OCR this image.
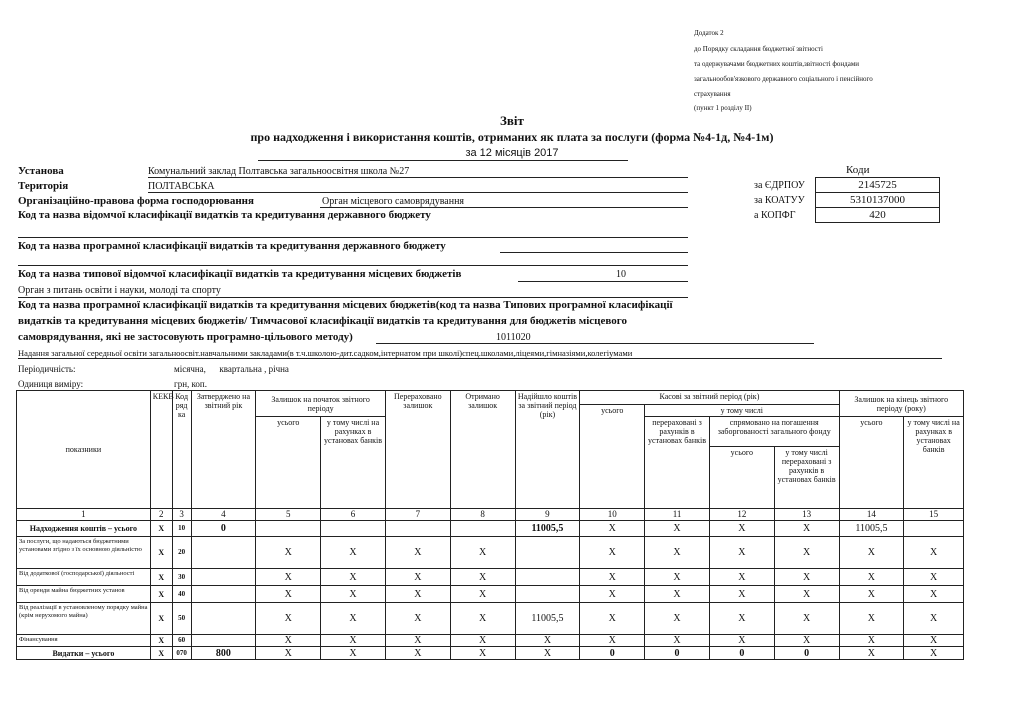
Додаток 2
до Порядку складання бюджетної звітності
та одержувачами бюджетних коштів,звітності фондами
загальнообов'язкового державного соціального і пенсійного
страхування
(пункт 1 розділу II)
Звіт
про надходження і використання коштів, отриманих як плата за послуги (форма №4-1д, №4-1м)
за 12 місяців 2017
Коди
Установа	Комунальний заклад Полтавська загальноосвітня школа №27
Територія	ПОЛТАВСЬКА
Організаційно-правова форма господорювання	Орган місцевого самоврядування
Код та назва відомчої класифікації видатків та кредитування державного бюджету
за ЄДРПОУ	2145725
за КОАТУУ	5310137000
а КОПФГ	420
Код та назва програмної класифікації видатків та кредитування державного бюджету
Код та назва типової відомчої класифікації видатків та кредитування місцевих бюджетів	10
Орган з питань освіти і науки, молоді та спорту
Код та назва програмної класифікації видатків та кредитування місцевих бюджетів(код та назва Типових програмної класифікації
видатків та кредитування місцевих бюджетів/ Тимчасової класифікації видатків та кредитування для бюджетів місцевого
самоврядування, які не застосовують програмно-цільового методу)	1011020
Надання загальної середньої освіти загальноосвіт.навчальними закладами(в т.ч.школою-дит.садком,інтернатом при школі)спец.школами,ліцеями,гімназіями,колегіумами
Періодичність:	місячна,      квартальна , річна
Одиниця виміру:	грн, коп.
показники	КЕКВ	Код ряд ка	Затверджено на звітний рік	Залишок на початок звітного періоду		Перераховано залишок	Отримано залишок	Надійшло коштів за звітний період (рік)	Касові за звітний період (рік)				Залишок на кінець звітного періоду (року)	
									усього	у тому числі				
				усього	у тому числі на рахунках в установах банків					перераховані з рахунків в установах банків	спрямовано на погашення заборгованості загального фонду		усього	у тому числі на рахунках в установах банків
											усього	у тому числі перераховані з рахунків в установах банків		
1	2	3	4	5	6	7	8	9	10	11	12	13	14	15
Надходження коштів – усього	X	10	0					11005,5	X	X	X	X	11005,5	
За послуги, що надаються бюджетними установами згідно з їх основною діяльністю	X	20		X	X	X	X		X	X	X	X	X	X
Від додаткової (господарської) діяльності	X	30		X	X	X	X		X	X	X	X	X	X
Від оренди майна бюджетних установ	X	40		X	X	X	X		X	X	X	X	X	X
Від реалізації в установленому порядку майна (крім нерухомого майна)	X	50		X	X	X	X	11005,5	X	X	X	X	X	X
Фінансування	X	60		X	X	X	X	X	X	X	X	X	X	X
Видатки – усього	X	070	800	X	X	X	X	X	0	0	0	0	X	X
